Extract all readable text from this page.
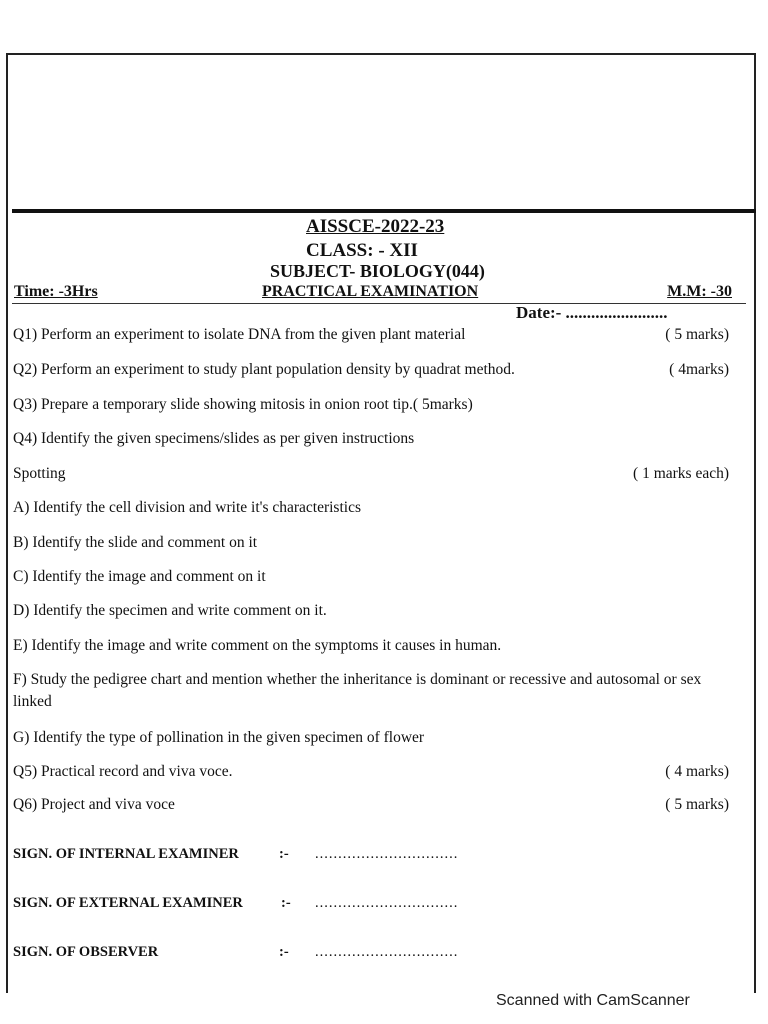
AISSCE-2022-23
CLASS: - XII
SUBJECT- BIOLOGY(044)
Time: -3Hrs	PRACTICAL EXAMINATION	M.M: -30
Date:- ........................
Q1) Perform an experiment to isolate DNA from the given plant material	( 5 marks)
Q2) Perform an experiment to study plant population density by quadrat method.	( 4marks)
Q3) Prepare a temporary slide showing mitosis in onion root tip.( 5marks)
Q4) Identify the given specimens/slides as per given instructions
Spotting	( 1 marks each)
A) Identify the cell division and write it's characteristics
B) Identify the slide and comment on it
C) Identify the image and comment on it
D) Identify the specimen and write comment on it.
E) Identify the image and write comment on the symptoms it causes in human.
F) Study the pedigree chart and mention whether the inheritance is dominant or recessive and autosomal or sex linked
G) Identify the type of pollination in the given specimen of flower
Q5) Practical record and viva voce.	( 4 marks)
Q6) Project and viva voce	( 5 marks)
SIGN. OF INTERNAL EXAMINER	:- ...............................
SIGN. OF EXTERNAL EXAMINER	:- ...............................
SIGN. OF OBSERVER	:- ...............................
Scanned with CamScanner
